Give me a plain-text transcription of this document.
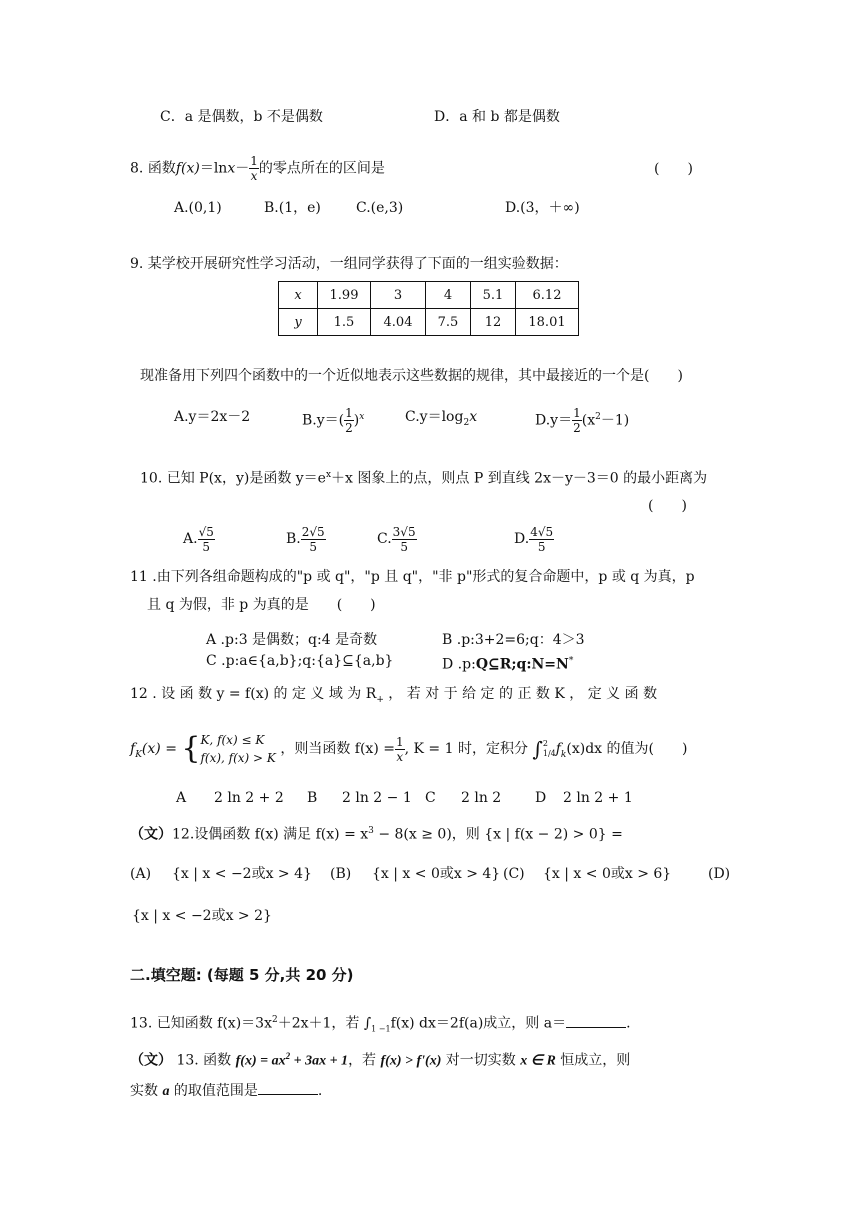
C．a 是偶数，b 不是偶数	D．a 和 b 都是偶数
8. 函数$f(x)=\ln x- \frac{1}{x}$ 的零点所在的区间是	(　　)
A.(0,1)	B.(1，e)	C.(e,3)	D.(3，＋∞)
9. 某学校开展研究性学习活动，一组同学获得了下面的一组实验数据：
x	1.99	3	4	5.1	6.12
y	1.5	4.04	7.5	12	18.01
现准备用下列四个函数中的一个近似地表示这些数据的规律，其中最接近的一个是(　　)
A.y＝2x－2	$B.y=( \frac{1}{2} )^x$	$C.y=\log_2x$	$D.y= \frac{1}{2} (x^2-1)$
10. 已知 P(x，y)是函数 $y=e^x+x$ 图象上的点，则点 P 到直线 2x－y－3＝0 的最小距离为
(　　)
A. $\frac{√5}{5}$	B. $\frac{2√5}{5}$	C. $\frac{3√5}{5}$	D. $\frac{4√5}{5}$
11 .由下列各组命题构成的"p 或 q"，"p 且 q"，"非 p"形式的复合命题中，p 或 q 为真，p
且 q 为假，非 p 为真的是　　(　　)
A .p:3 是偶数；q:4 是奇数	B .p:3+2=6;q：4＞3
C .p:a∈{a,b};q:{a}⊆{a,b}	D .p:Q⊆R;q:N=N*
12 . 设 函 数 y = f(x) 的 定 义 域 为 $R_+$ ， 若 对 于 给 定 的 正 数 K ， 定 义 函 数
$f_K(x)$ = { K, f(x) ≤ K
f(x), f(x) > K
，则当函数 $f(x) = \frac{1}{x}$ , K = 1 时，定积分 ∫ 2
1/4 $f_k(x)dx$ 的值为(　　)
A 2 ln 2 + 2 B 2 ln 2 − 1 C 2 ln 2 D 2 ln 2 + 1
（文）12.设偶函数 f(x) 满足 $f(x) = x^3 - 8(x \ge 0)$，则 {x | f(x − 2) > 0} =
(A) {x | x < −2或x > 4} (B) {x | x < 0或x > 4} (C) {x | x < 0或x > 6}	(D)
{x | x < −2或x > 2}
二.填空题: (每题 5 分,共 20 分)
13. 已知函数 $f(x)=3x^2+2x+1$，若 $\int_{1 -1}f(x)$ dx＝2f(a)成立，则 a＝	.
（文） 13. 函数 $f(x) = ax^2 + 3ax + 1$，若 f(x) > f'(x) 对一切实数 x ∈ R 恒成立，则
实数 a 的取值范围是	.
